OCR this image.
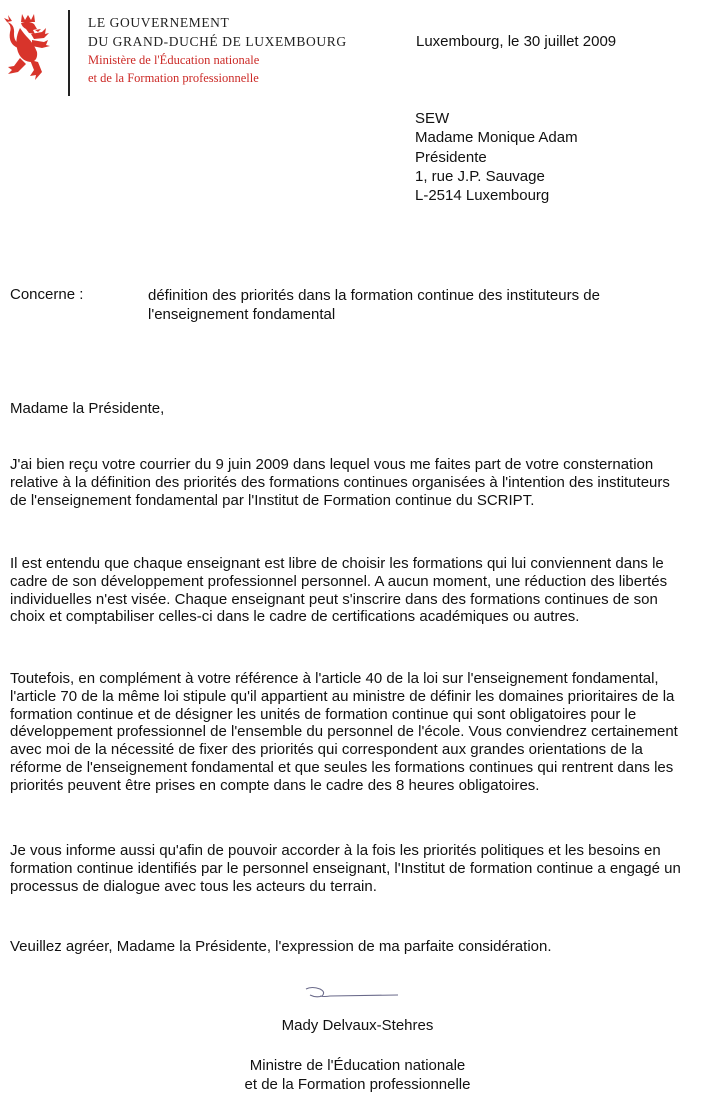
LE GOUVERNEMENT
DU GRAND-DUCHÉ DE LUXEMBOURG
Ministère de l'Éducation nationale
et de la Formation professionnelle
Luxembourg, le 30 juillet 2009
SEW
Madame Monique Adam
Présidente
1, rue J.P. Sauvage
L-2514 Luxembourg
Concerne :	définition des priorités dans la formation continue des instituteurs de l'enseignement fondamental
Madame la Présidente,
J'ai bien reçu votre courrier du 9 juin 2009 dans lequel vous me faites part de votre consternation relative à la définition des priorités des formations continues organisées à l'intention des instituteurs de l'enseignement fondamental par l'Institut de Formation continue du SCRIPT.
Il est entendu que chaque enseignant est libre de choisir les formations qui lui conviennent dans le cadre de son développement professionnel personnel. A aucun moment, une réduction des libertés individuelles n'est visée. Chaque enseignant peut s'inscrire dans des formations continues de son choix et comptabiliser celles-ci dans le cadre de certifications académiques ou autres.
Toutefois, en complément à votre référence à l'article 40 de la loi sur l'enseignement fondamental, l'article 70 de la même loi stipule qu'il appartient au ministre de définir les domaines prioritaires de la formation continue et de désigner les unités de formation continue qui sont obligatoires pour le développement professionnel de l'ensemble du personnel de l'école. Vous conviendrez certainement avec moi de la nécessité de fixer des priorités qui correspondent aux grandes orientations de la réforme de l'enseignement fondamental et que seules les formations continues qui rentrent dans les priorités peuvent être prises en compte dans le cadre des 8 heures obligatoires.
Je vous informe aussi qu'afin de pouvoir accorder à la fois les priorités politiques et les besoins en formation continue identifiés par le personnel enseignant, l'Institut de formation continue a engagé un processus de dialogue avec tous les acteurs du terrain.
Veuillez agréer, Madame la Présidente, l'expression de ma parfaite considération.
Mady Delvaux-Stehres
Ministre de l'Éducation nationale
et de la Formation professionnelle
